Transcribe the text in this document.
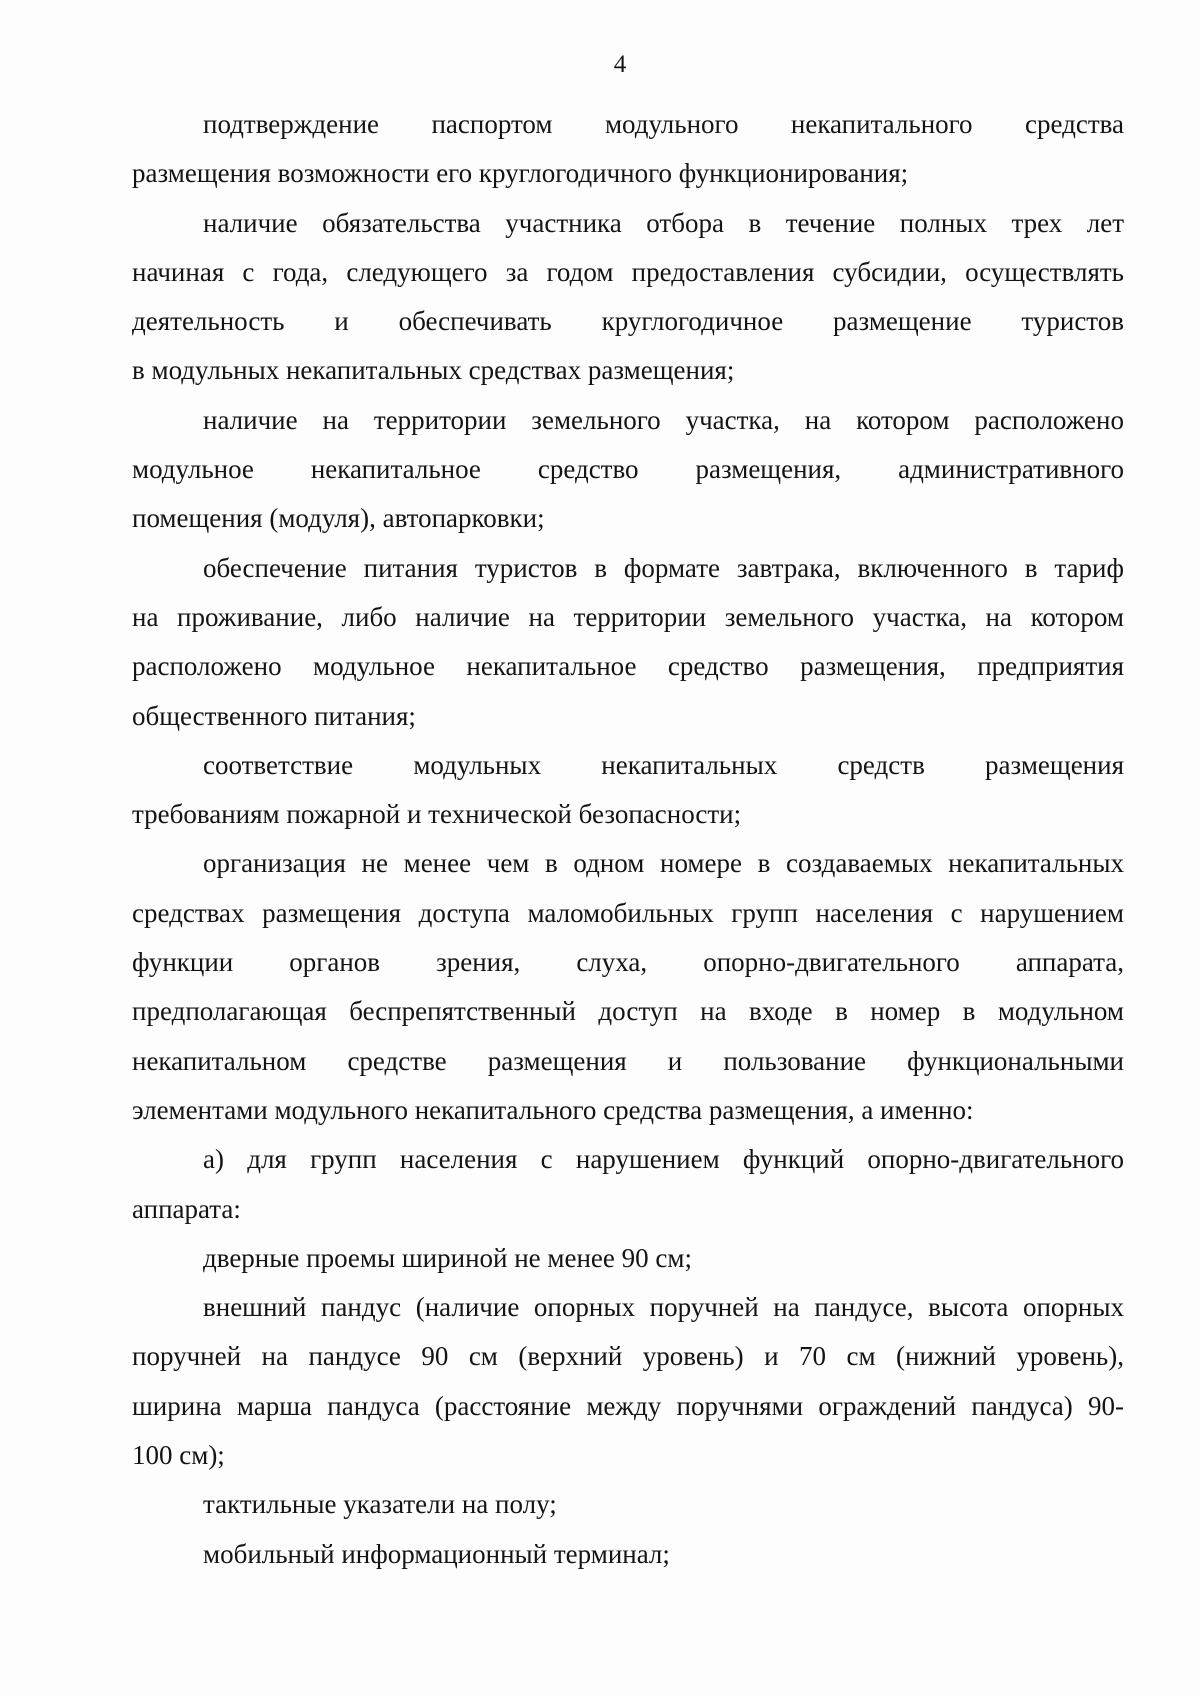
4
подтверждение паспортом модульного некапитального средства
размещения возможности его круглогодичного функционирования;
наличие обязательства участника отбора в течение полных трех лет
начиная с года, следующего за годом предоставления субсидии, осуществлять
деятельность и обеспечивать круглогодичное размещение туристов
в модульных некапитальных средствах размещения;
наличие на территории земельного участка, на котором расположено
модульное некапитальное средство размещения, административного
помещения (модуля), автопарковки;
обеспечение питания туристов в формате завтрака, включенного в тариф
на проживание, либо наличие на территории земельного участка, на котором
расположено модульное некапитальное средство размещения, предприятия
общественного питания;
соответствие модульных некапитальных средств размещения
требованиям пожарной и технической безопасности;
организация не менее чем в одном номере в создаваемых некапитальных
средствах размещения доступа маломобильных групп населения с нарушением
функции органов зрения, слуха, опорно-двигательного аппарата,
предполагающая беспрепятственный доступ на входе в номер в модульном
некапитальном средстве размещения и пользование функциональными
элементами модульного некапитального средства размещения, а именно:
а) для групп населения с нарушением функций опорно-двигательного
аппарата:
дверные проемы шириной не менее 90 см;
внешний пандус (наличие опорных поручней на пандусе, высота опорных
поручней на пандусе 90 см (верхний уровень) и 70 см (нижний уровень),
ширина марша пандуса (расстояние между поручнями ограждений пандуса) 90-
100 см);
тактильные указатели на полу;
мобильный информационный терминал;
